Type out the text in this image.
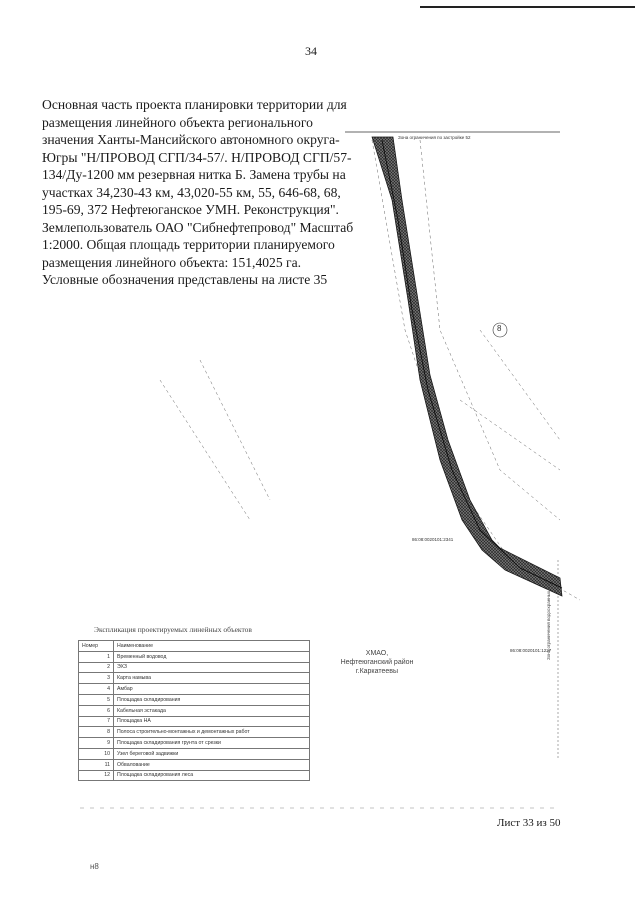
34

Основная часть проекта планировки территории для размещения линейного объекта регионального значения Ханты-Мансийского автономного округа-Югры "Н/ПРОВОД СГП/34-57/. Н/ПРОВОД СГП/57-134/Ду-1200 мм резервная нитка Б. Замена трубы на участках 34,230-43 км, 43,020-55 км, 55, 646-68, 68, 195-69, 372 Нефтеюганское УМН. Реконструкция". Землепользователь ОАО "Сибнефтепровод" Масштаб 1:2000. Общая площадь территории планируемого размещения линейного объекта: 151,4025 га. Условные обозначения представлены на листе 35

Зона ограничения по застройке 52
8
86:08:0020101:2341
86:08:0020101:1227
Зона ограничения водоохранных зон
Экспликация проектируемых линейных объектов
Номер	Наименование
1	Временный водовод
2	ЭХЗ
3	Карта намыва
4	Амбар
5	Площадка складирования
6	Кабельная эстакада
7	Площадка НА
8	Полоса строительно-монтажных и демонтажных работ
9	Площадка складирования грунта от срезки
10	Узел береговой задвижки
11	Обвалование
12	Площадка складирования леса
ХМАО,
Нефтеюганский район
г.Каркатеевы
Лист 33 из 50
н8
